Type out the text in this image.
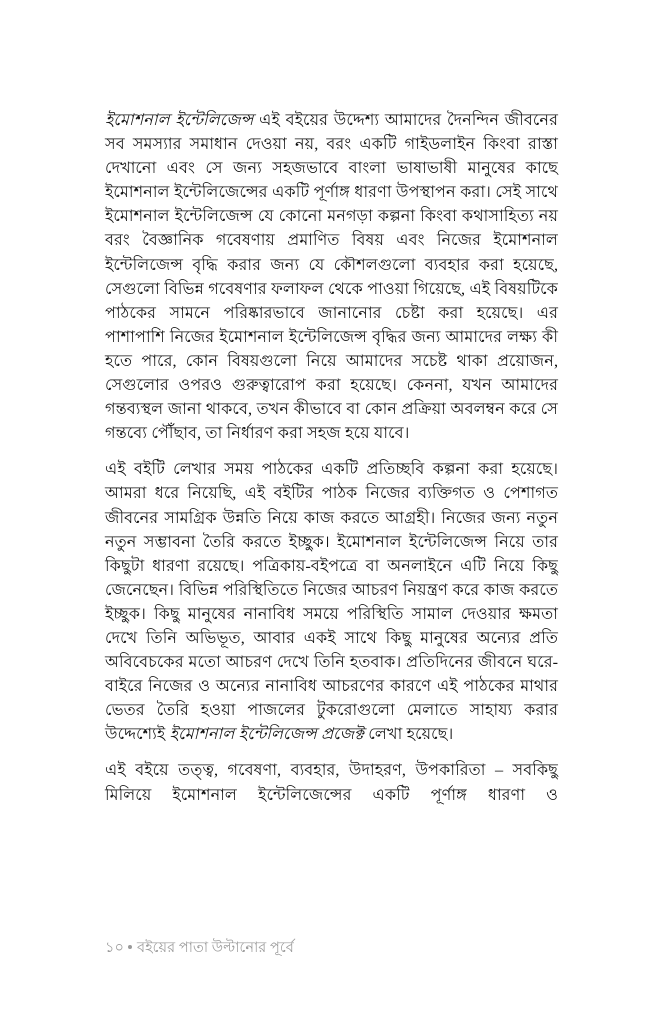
ইমোশনাল ইন্টেলিজেন্স এই বইয়ের উদ্দেশ্য আমাদের দৈনন্দিন জীবনের সব সমস্যার সমাধান দেওয়া নয়, বরং একটি গাইডলাইন কিংবা রাস্তা দেখানো এবং সে জন্য সহজভাবে বাংলা ভাষাভাষী মানুষের কাছে ইমোশনাল ইন্টেলিজেন্সের একটি পূর্ণাঙ্গ ধারণা উপস্থাপন করা। সেই সাথে ইমোশনাল ইন্টেলিজেন্স যে কোনো মনগড়া কল্পনা কিংবা কথাসাহিত্য নয় বরং বৈজ্ঞানিক গবেষণায় প্রমাণিত বিষয় এবং নিজের ইমোশনাল ইন্টেলিজেন্স বৃদ্ধি করার জন্য যে কৌশলগুলো ব্যবহার করা হয়েছে, সেগুলো বিভিন্ন গবেষণার ফলাফল থেকে পাওয়া গিয়েছে, এই বিষয়টিকে পাঠকের সামনে পরিষ্কারভাবে জানানোর চেষ্টা করা হয়েছে। এর পাশাপাশি নিজের ইমোশনাল ইন্টেলিজেন্স বৃদ্ধির জন্য আমাদের লক্ষ্য কী হতে পারে, কোন বিষয়গুলো নিয়ে আমাদের সচেষ্ট থাকা প্রয়োজন, সেগুলোর ওপরও গুরুত্বারোপ করা হয়েছে। কেননা, যখন আমাদের গন্তব্যস্থল জানা থাকবে, তখন কীভাবে বা কোন প্রক্রিয়া অবলম্বন করে সে গন্তব্যে পৌঁছাব, তা নির্ধারণ করা সহজ হয়ে যাবে।

এই বইটি লেখার সময় পাঠকের একটি প্রতিচ্ছবি কল্পনা করা হয়েছে। আমরা ধরে নিয়েছি, এই বইটির পাঠক নিজের ব্যক্তিগত ও পেশাগত জীবনের সামগ্রিক উন্নতি নিয়ে কাজ করতে আগ্রহী। নিজের জন্য নতুন নতুন সম্ভাবনা তৈরি করতে ইচ্ছুক। ইমোশনাল ইন্টেলিজেন্স নিয়ে তার কিছুটা ধারণা রয়েছে। পত্রিকায়-বইপত্রে বা অনলাইনে এটি নিয়ে কিছু জেনেছেন। বিভিন্ন পরিস্থিতিতে নিজের আচরণ নিয়ন্ত্রণ করে কাজ করতে ইচ্ছুক। কিছু মানুষের নানাবিধ সময়ে পরিস্থিতি সামাল দেওয়ার ক্ষমতা দেখে তিনি অভিভূত, আবার একই সাথে কিছু মানুষের অন্যের প্রতি অবিবেচকের মতো আচরণ দেখে তিনি হতবাক। প্রতিদিনের জীবনে ঘরে-বাইরে নিজের ও অন্যের নানাবিধ আচরণের কারণে এই পাঠকের মাথার ভেতর তৈরি হওয়া পাজলের টুকরোগুলো মেলাতে সাহায্য করার উদ্দেশ্যেই ইমোশনাল ইন্টেলিজেন্স প্রজেক্ট লেখা হয়েছে।

এই বইয়ে তত্ত্ব, গবেষণা, ব্যবহার, উদাহরণ, উপকারিতা – সবকিছু মিলিয়ে ইমোশনাল ইন্টেলিজেন্সের একটি পূর্ণাঙ্গ ধারণা ও

১০ বইয়ের পাতা উল্টানোর পূর্বে
